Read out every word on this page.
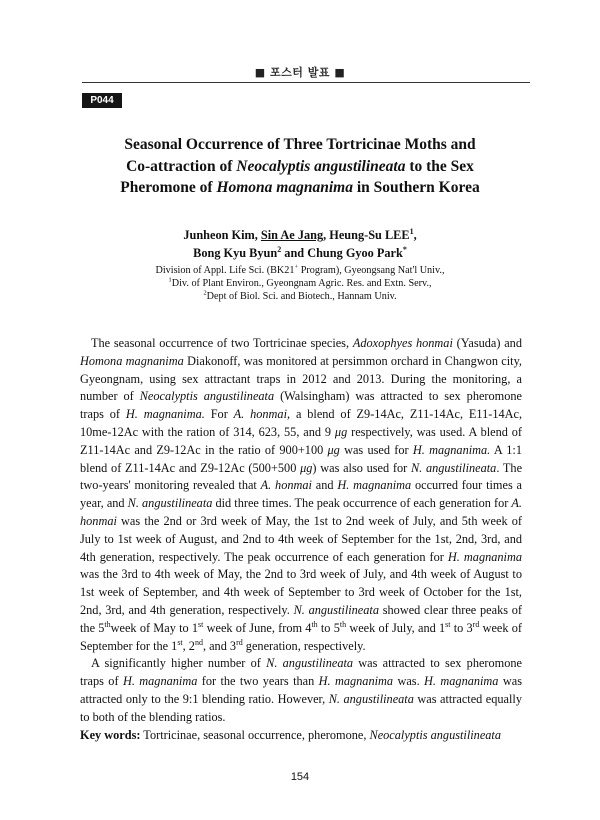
■ 포스터 발표 ■
P044
Seasonal Occurrence of Three Tortricinae Moths and
Co-attraction of Neocalyptis angustilineata to the Sex
Pheromone of Homona magnanima in Southern Korea
Junheon Kim, Sin Ae Jang, Heung-Su LEE$^1$,
Bong Kyu Byun$^2$ and Chung Gyoo Park*
Division of Appl. Life Sci. (BK21+ Program), Gyeongsang Nat'l Univ.,
$^1$Div. of Plant Environ., Gyeongnam Agric. Res. and Extn. Serv.,
$^2$Dept of Biol. Sci. and Biotech., Hannam Univ.

The seasonal occurrence of two Tortricinae species, Adoxophyes honmai (Yasuda) and Homona magnanima Diakonoff, was monitored at persimmon orchard in Changwon city, Gyeongnam, using sex attractant traps in 2012 and 2013. During the monitoring, a number of Neocalyptis angustilineata (Walsingham) was attracted to sex pheromone traps of H. magnanima. For A. honmai, a blend of Z9-14Ac, Z11-14Ac, E11-14Ac, 10me-12Ac with the ration of 314, 623, 55, and 9 μg respectively, was used. A blend of Z11-14Ac and Z9-12Ac in the ratio of 900+100 μg was used for H. magnanima. A 1:1 blend of Z11-14Ac and Z9-12Ac (500+500 μg) was also used for N. angustilineata. The two-years' monitoring revealed that A. honmai and H. magnanima occurred four times a year, and N. angustilineata did three times. The peak occurrence of each generation for A. honmai was the 2nd or 3rd week of May, the 1st to 2nd week of July, and 5th week of July to 1st week of August, and 2nd to 4th week of September for the 1st, 2nd, 3rd, and 4th generation, respectively. The peak occurrence of each generation for H. magnanima was the 3rd to 4th week of May, the 2nd to 3rd week of July, and 4th week of August to 1st week of September, and 4th week of September to 3rd week of October for the 1st, 2nd, 3rd, and 4th generation, respectively. N. angustilineata showed clear three peaks of the 5thweek of May to 1st week of June, from 4th to 5th week of July, and 1st to 3rd week of September for the 1st, 2nd, and 3rd generation, respectively.

A significantly higher number of N. angustilineata was attracted to sex pheromone traps of H. magnanima for the two years than H. magnanima was. H. magnanima was attracted only to the 9:1 blending ratio. However, N. angustilineata was attracted equally to both of the blending ratios.

Key words: Tortricinae, seasonal occurrence, pheromone, Neocalyptis angustilineata
154
